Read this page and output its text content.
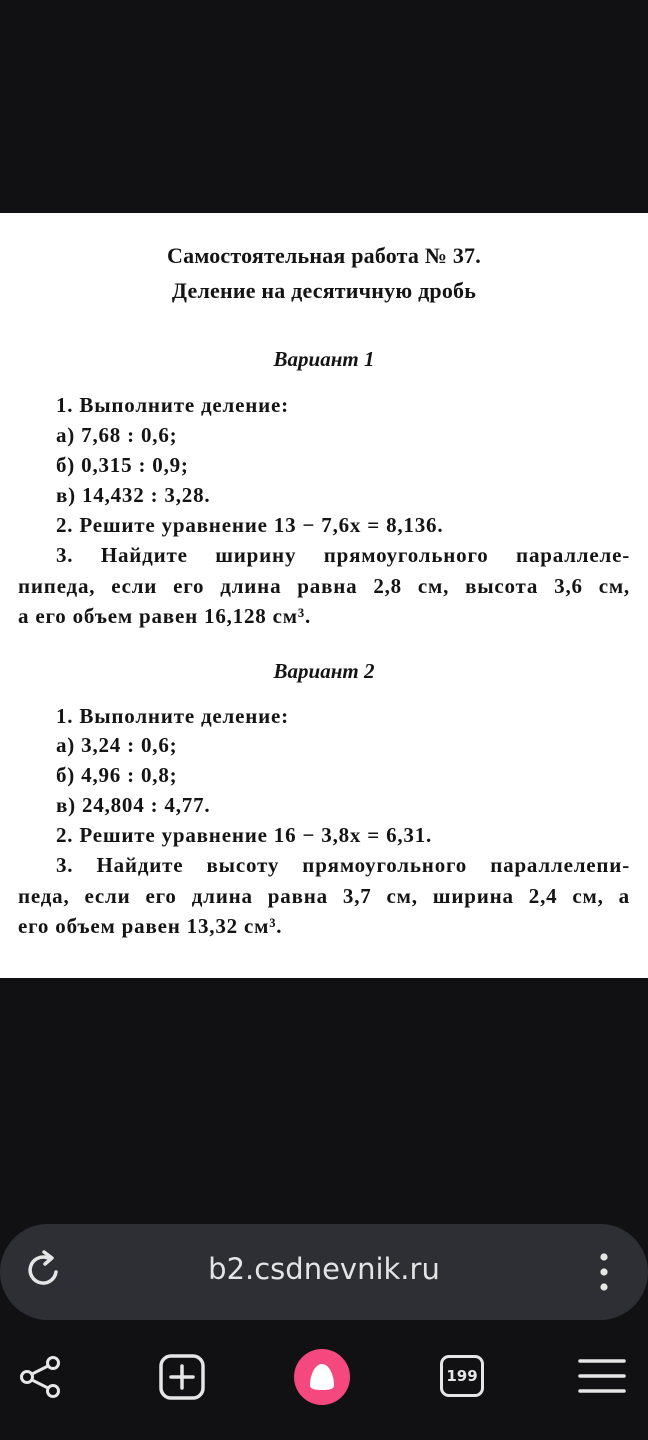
Самостоятельная работа № 37.
Деление на десятичную дробь
Вариант 1
1. Выполните деление:
а) 7,68 : 0,6;
б) 0,315 : 0,9;
в) 14,432 : 3,28.
2. Решите уравнение 13 − 7,6x = 8,136.
3. Найдите ширину прямоугольного параллеле-
пипеда, если его длина равна 2,8 см, высота 3,6 см,
а его объем равен 16,128 см³.
Вариант 2
1. Выполните деление:
а) 3,24 : 0,6;
б) 4,96 : 0,8;
в) 24,804 : 4,77.
2. Решите уравнение 16 − 3,8x = 6,31.
3. Найдите высоту прямоугольного параллелепи-
педа, если его длина равна 3,7 см, ширина 2,4 см, а
его объем равен 13,32 см³.
b2.csdnevnik.ru
199
